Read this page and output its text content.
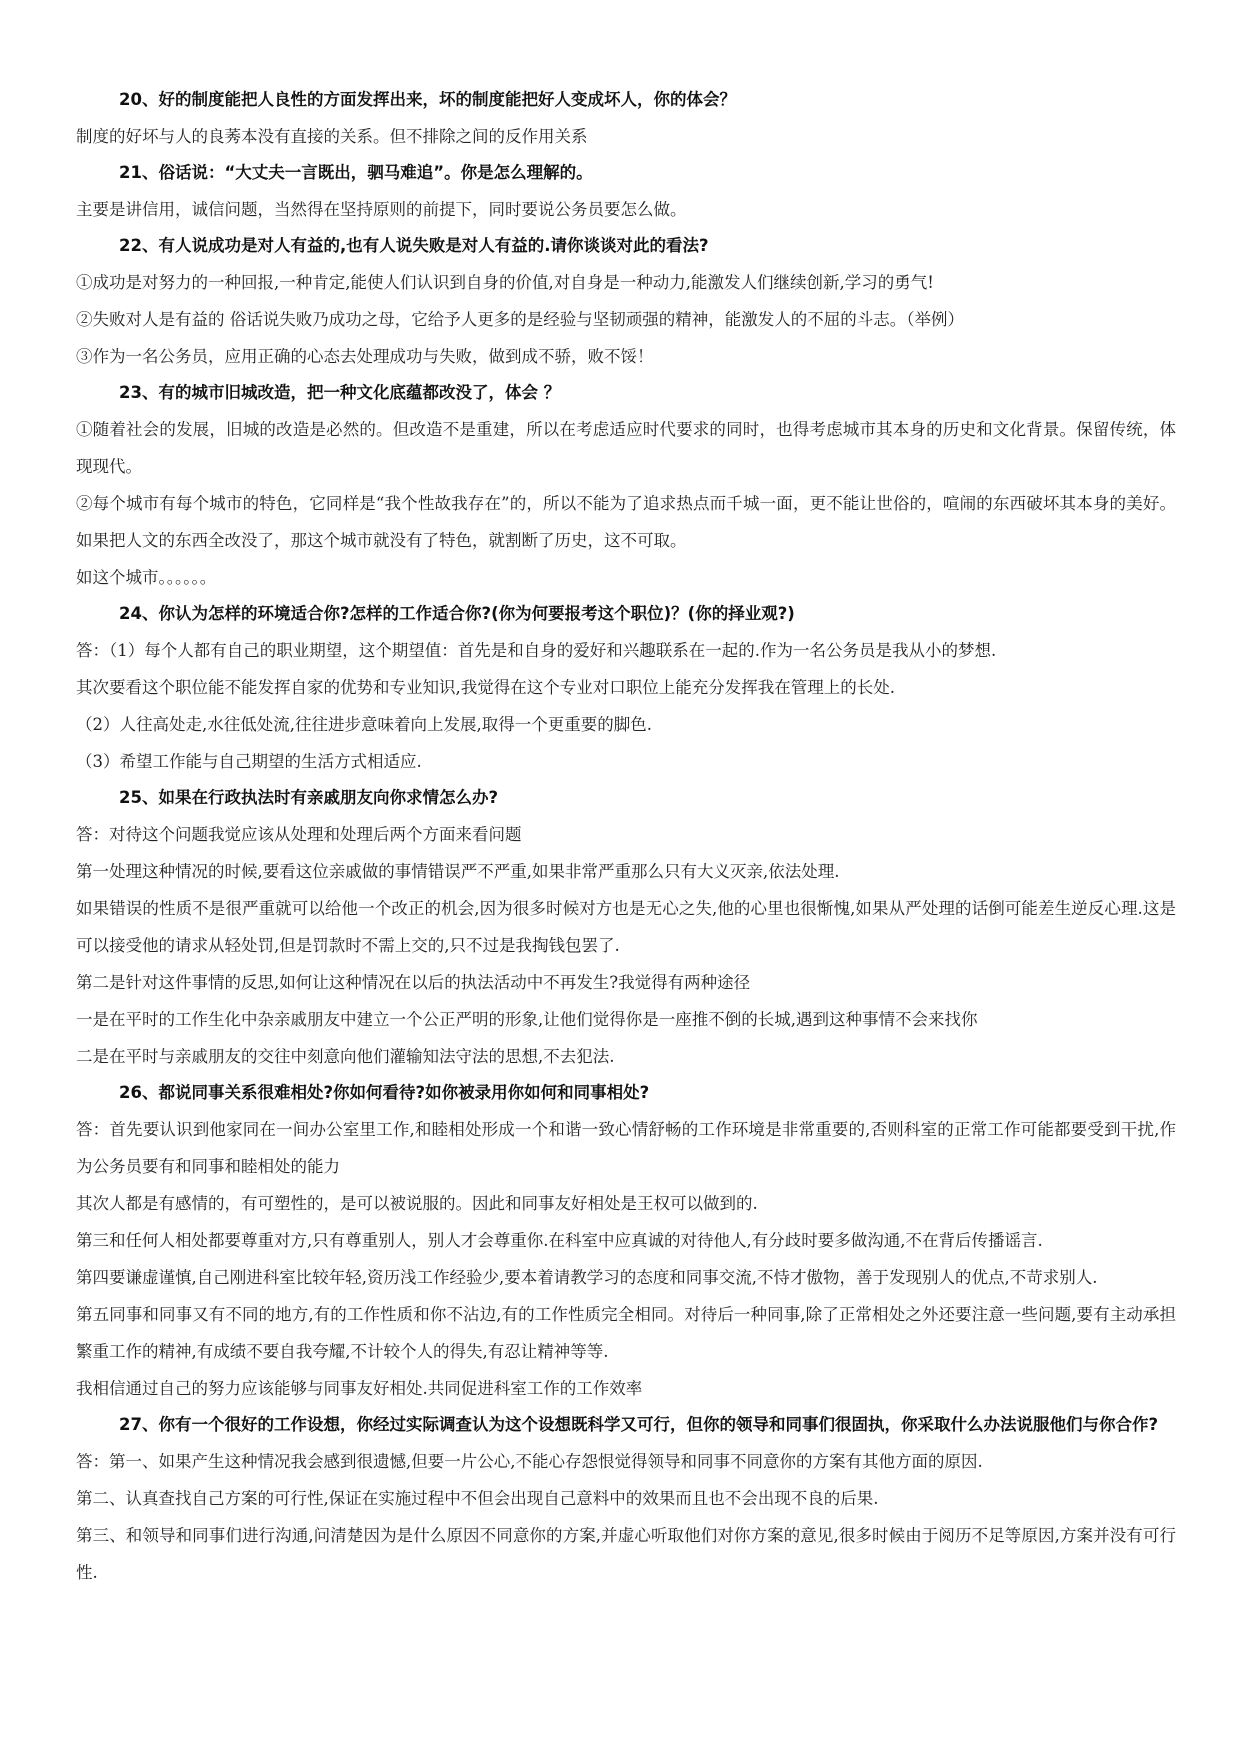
20、好的制度能把人良性的方面发挥出来，坏的制度能把好人变成坏人，你的体会？

制度的好坏与人的良莠本没有直接的关系。但不排除之间的反作用关系

21、俗话说：“大丈夫一言既出，驷马难追”。你是怎么理解的。

主要是讲信用，诚信问题，当然得在坚持原则的前提下，同时要说公务员要怎么做。

22、有人说成功是对人有益的,也有人说失败是对人有益的.请你谈谈对此的看法?

①成功是对努力的一种回报,一种肯定,能使人们认识到自身的价值,对自身是一种动力,能激发人们继续创新,学习的勇气!

②失败对人是有益的 俗话说失败乃成功之母，它给予人更多的是经验与坚韧顽强的精神，能激发人的不屈的斗志。（举例）

③作为一名公务员，应用正确的心态去处理成功与失败，做到成不骄，败不馁！

23、有的城市旧城改造，把一种文化底蕴都改没了，体会 ？

①随着社会的发展，旧城的改造是必然的。但改造不是重建，所以在考虑适应时代要求的同时，也得考虑城市其本身的历史和文化背景。保留传统，体现现代。

②每个城市有每个城市的特色，它同样是“我个性故我存在”的，所以不能为了追求热点而千城一面，更不能让世俗的，喧闹的东西破坏其本身的美好。如果把人文的东西全改没了，那这个城市就没有了特色，就割断了历史，这不可取。

如这个城市。。。。。。

24、你认为怎样的环境适合你?怎样的工作适合你?(你为何要报考这个职位)？(你的择业观?)

答：（1）每个人都有自己的职业期望，这个期望值：首先是和自身的爱好和兴趣联系在一起的.作为一名公务员是我从小的梦想.

其次要看这个职位能不能发挥自家的优势和专业知识,我觉得在这个专业对口职位上能充分发挥我在管理上的长处.

（2）人往高处走,水往低处流,往往进步意味着向上发展,取得一个更重要的脚色.

（3）希望工作能与自己期望的生活方式相适应.

25、如果在行政执法时有亲戚朋友向你求情怎么办?

答：对待这个问题我觉应该从处理和处理后两个方面来看问题

第一处理这种情况的时候,要看这位亲戚做的事情错误严不严重,如果非常严重那么只有大义灭亲,依法处理.

如果错误的性质不是很严重就可以给他一个改正的机会,因为很多时候对方也是无心之失,他的心里也很惭愧,如果从严处理的话倒可能差生逆反心理.这是可以接受他的请求从轻处罚,但是罚款时不需上交的,只不过是我掏钱包罢了.

第二是针对这件事情的反思,如何让这种情况在以后的执法活动中不再发生?我觉得有两种途径

一是在平时的工作生化中杂亲戚朋友中建立一个公正严明的形象,让他们觉得你是一座推不倒的长城,遇到这种事情不会来找你

二是在平时与亲戚朋友的交往中刻意向他们灌输知法守法的思想,不去犯法.

26、都说同事关系很难相处?你如何看待?如你被录用你如何和同事相处?

答：首先要认识到他家同在一间办公室里工作,和睦相处形成一个和谐一致心情舒畅的工作环境是非常重要的,否则科室的正常工作可能都要受到干扰,作为公务员要有和同事和睦相处的能力

其次人都是有感情的，有可塑性的，是可以被说服的。因此和同事友好相处是王权可以做到的.

第三和任何人相处都要尊重对方,只有尊重别人，别人才会尊重你.在科室中应真诚的对待他人,有分歧时要多做沟通,不在背后传播谣言.

第四要谦虚谨慎,自己刚进科室比较年轻,资历浅工作经验少,要本着请教学习的态度和同事交流,不恃才傲物，善于发现别人的优点,不苛求别人.

第五同事和同事又有不同的地方,有的工作性质和你不沾边,有的工作性质完全相同。对待后一种同事,除了正常相处之外还要注意一些问题,要有主动承担繁重工作的精神,有成绩不要自我夸耀,不计较个人的得失,有忍让精神等等.

我相信通过自己的努力应该能够与同事友好相处.共同促进科室工作的工作效率

27、你有一个很好的工作设想，你经过实际调查认为这个设想既科学又可行，但你的领导和同事们很固执，你采取什么办法说服他们与你合作?

答：第一、如果产生这种情况我会感到很遗憾,但要一片公心,不能心存怨恨觉得领导和同事不同意你的方案有其他方面的原因.

第二、认真查找自己方案的可行性,保证在实施过程中不但会出现自己意料中的效果而且也不会出现不良的后果.

第三、和领导和同事们进行沟通,问清楚因为是什么原因不同意你的方案,并虚心听取他们对你方案的意见,很多时候由于阅历不足等原因,方案并没有可行性.
